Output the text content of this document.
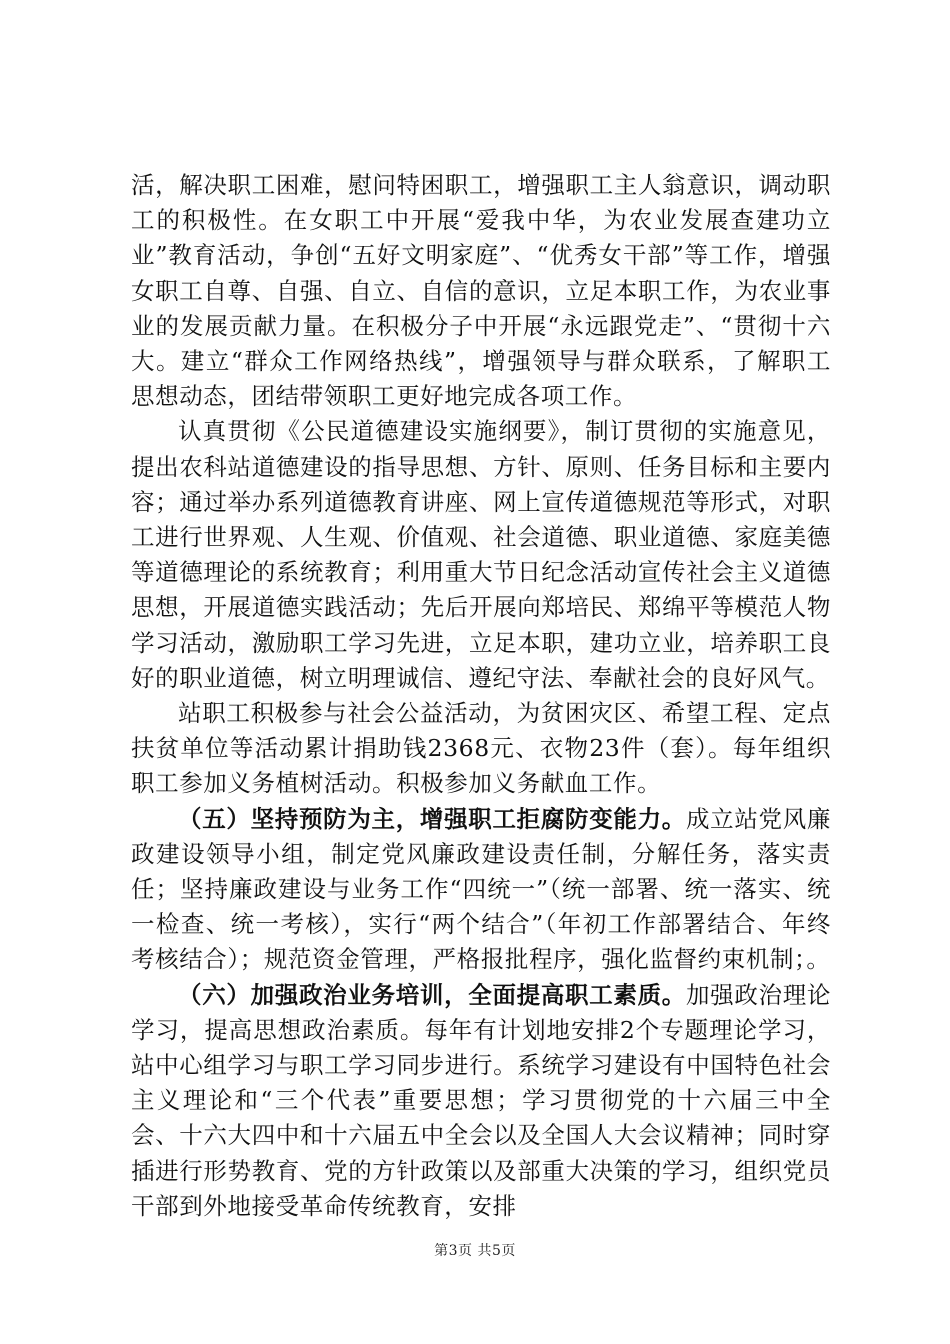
活，解决职工困难，慰问特困职工，增强职工主人翁意识，调动职工的积极性。在女职工中开展“爱我中华，为农业发展查建功立业”教育活动，争创“五好文明家庭”、“优秀女干部”等工作，增强女职工自尊、自强、自立、自信的意识，立足本职工作，为农业事业的发展贡献力量。在积极分子中开展“永远跟党走”、“贯彻十六大。建立“群众工作网络热线”，增强领导与群众联系，了解职工思想动态，团结带领职工更好地完成各项工作。

认真贯彻《公民道德建设实施纲要》，制订贯彻的实施意见，提出农科站道德建设的指导思想、方针、原则、任务目标和主要内容；通过举办系列道德教育讲座、网上宣传道德规范等形式，对职工进行世界观、人生观、价值观、社会道德、职业道德、家庭美德等道德理论的系统教育；利用重大节日纪念活动宣传社会主义道德思想，开展道德实践活动；先后开展向郑培民、郑绵平等模范人物学习活动，激励职工学习先进，立足本职，建功立业，培养职工良好的职业道德，树立明理诚信、遵纪守法、奉献社会的良好风气。

站职工积极参与社会公益活动，为贫困灾区、希望工程、定点扶贫单位等活动累计捐助钱2368元、衣物23件（套）。每年组织职工参加义务植树活动。积极参加义务献血工作。

（五）坚持预防为主，增强职工拒腐防变能力。成立站党风廉政建设领导小组，制定党风廉政建设责任制，分解任务，落实责任；坚持廉政建设与业务工作“四统一”（统一部署、统一落实、统一检查、统一考核），实行“两个结合”（年初工作部署结合、年终考核结合）；规范资金管理，严格报批程序，强化监督约束机制；。

（六）加强政治业务培训，全面提高职工素质。加强政治理论学习，提高思想政治素质。每年有计划地安排2个专题理论学习，站中心组学习与职工学习同步进行。系统学习建设有中国特色社会主义理论和“三个代表”重要思想；学习贯彻党的十六届三中全会、十六大四中和十六届五中全会以及全国人大会议精神；同时穿插进行形势教育、党的方针政策以及部重大决策的学习，组织党员干部到外地接受革命传统教育，安排

第3页 共5页
